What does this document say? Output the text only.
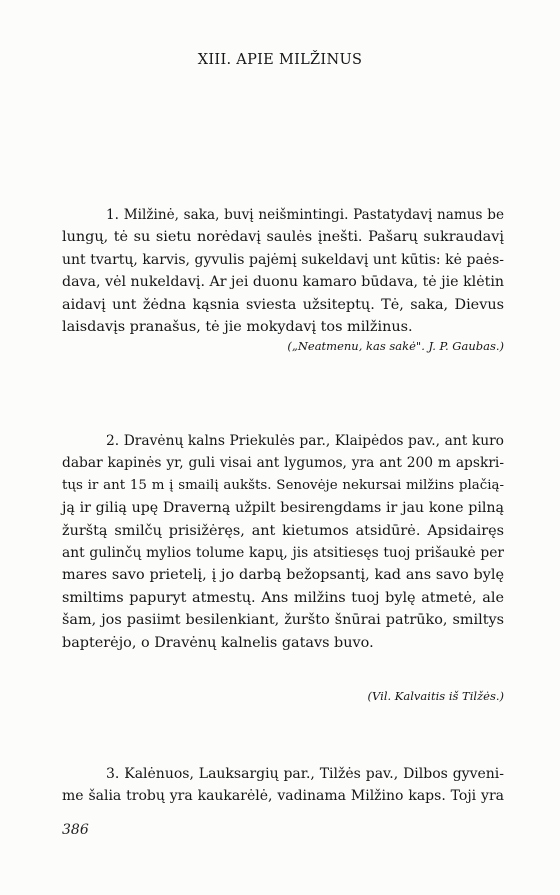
XIII. APIE MILŽINUS
1. Milžinė, saka, buvį neišmintingi. Pastatydavį namus be
lungų, tė su sietu norėdavį saulės įnešti. Pašarų sukraudavį
unt tvartų, karvis, gyvulis pajėmį sukeldavį unt kūtis: kė paės-
dava, vėl nukeldavį. Ar jei duonu kamaro būdava, tė jie klėtin
aidavį unt žėdna kąsnia sviesta užsiteptų. Tė, saka, Dievus
laisdavįs pranašus, tė jie mokydavį tos milžinus.
(„Neatmenu, kas sakė". J. P. Gaubas.)
2. Dravėnų kalns Priekulės par., Klaipėdos pav., ant kuro
dabar kapinės yr, guli visai ant lygumos, yra ant 200 m apskri-
tųs ir ant 15 m į smailį aukšts. Senovėje nekursai milžins plačią-
ją ir gilią upę Draverną užpilt besirengdams ir jau kone pilną
žurštą smilčų prisižėręs, ant kietumos atsidūrė. Apsidairęs
ant gulinčų mylios tolume kapų, jis atsitiesęs tuoj prišaukė per
mares savo prietelį, į jo darbą bežopsantį, kad ans savo bylę
smiltims papuryt atmestų. Ans milžins tuoj bylę atmetė, ale
šam, jos pasiimt besilenkiant, žuršto šnūrai patrūko, smiltys
bapterėjo, o Dravėnų kalnelis gatavs buvo.
(Vil. Kalvaitis iš Tilžės.)
3. Kalėnuos, Lauksargių par., Tilžės pav., Dilbos gyveni-
me šalia trobų yra kaukarėlė, vadinama Milžino kaps. Toji yra
386
